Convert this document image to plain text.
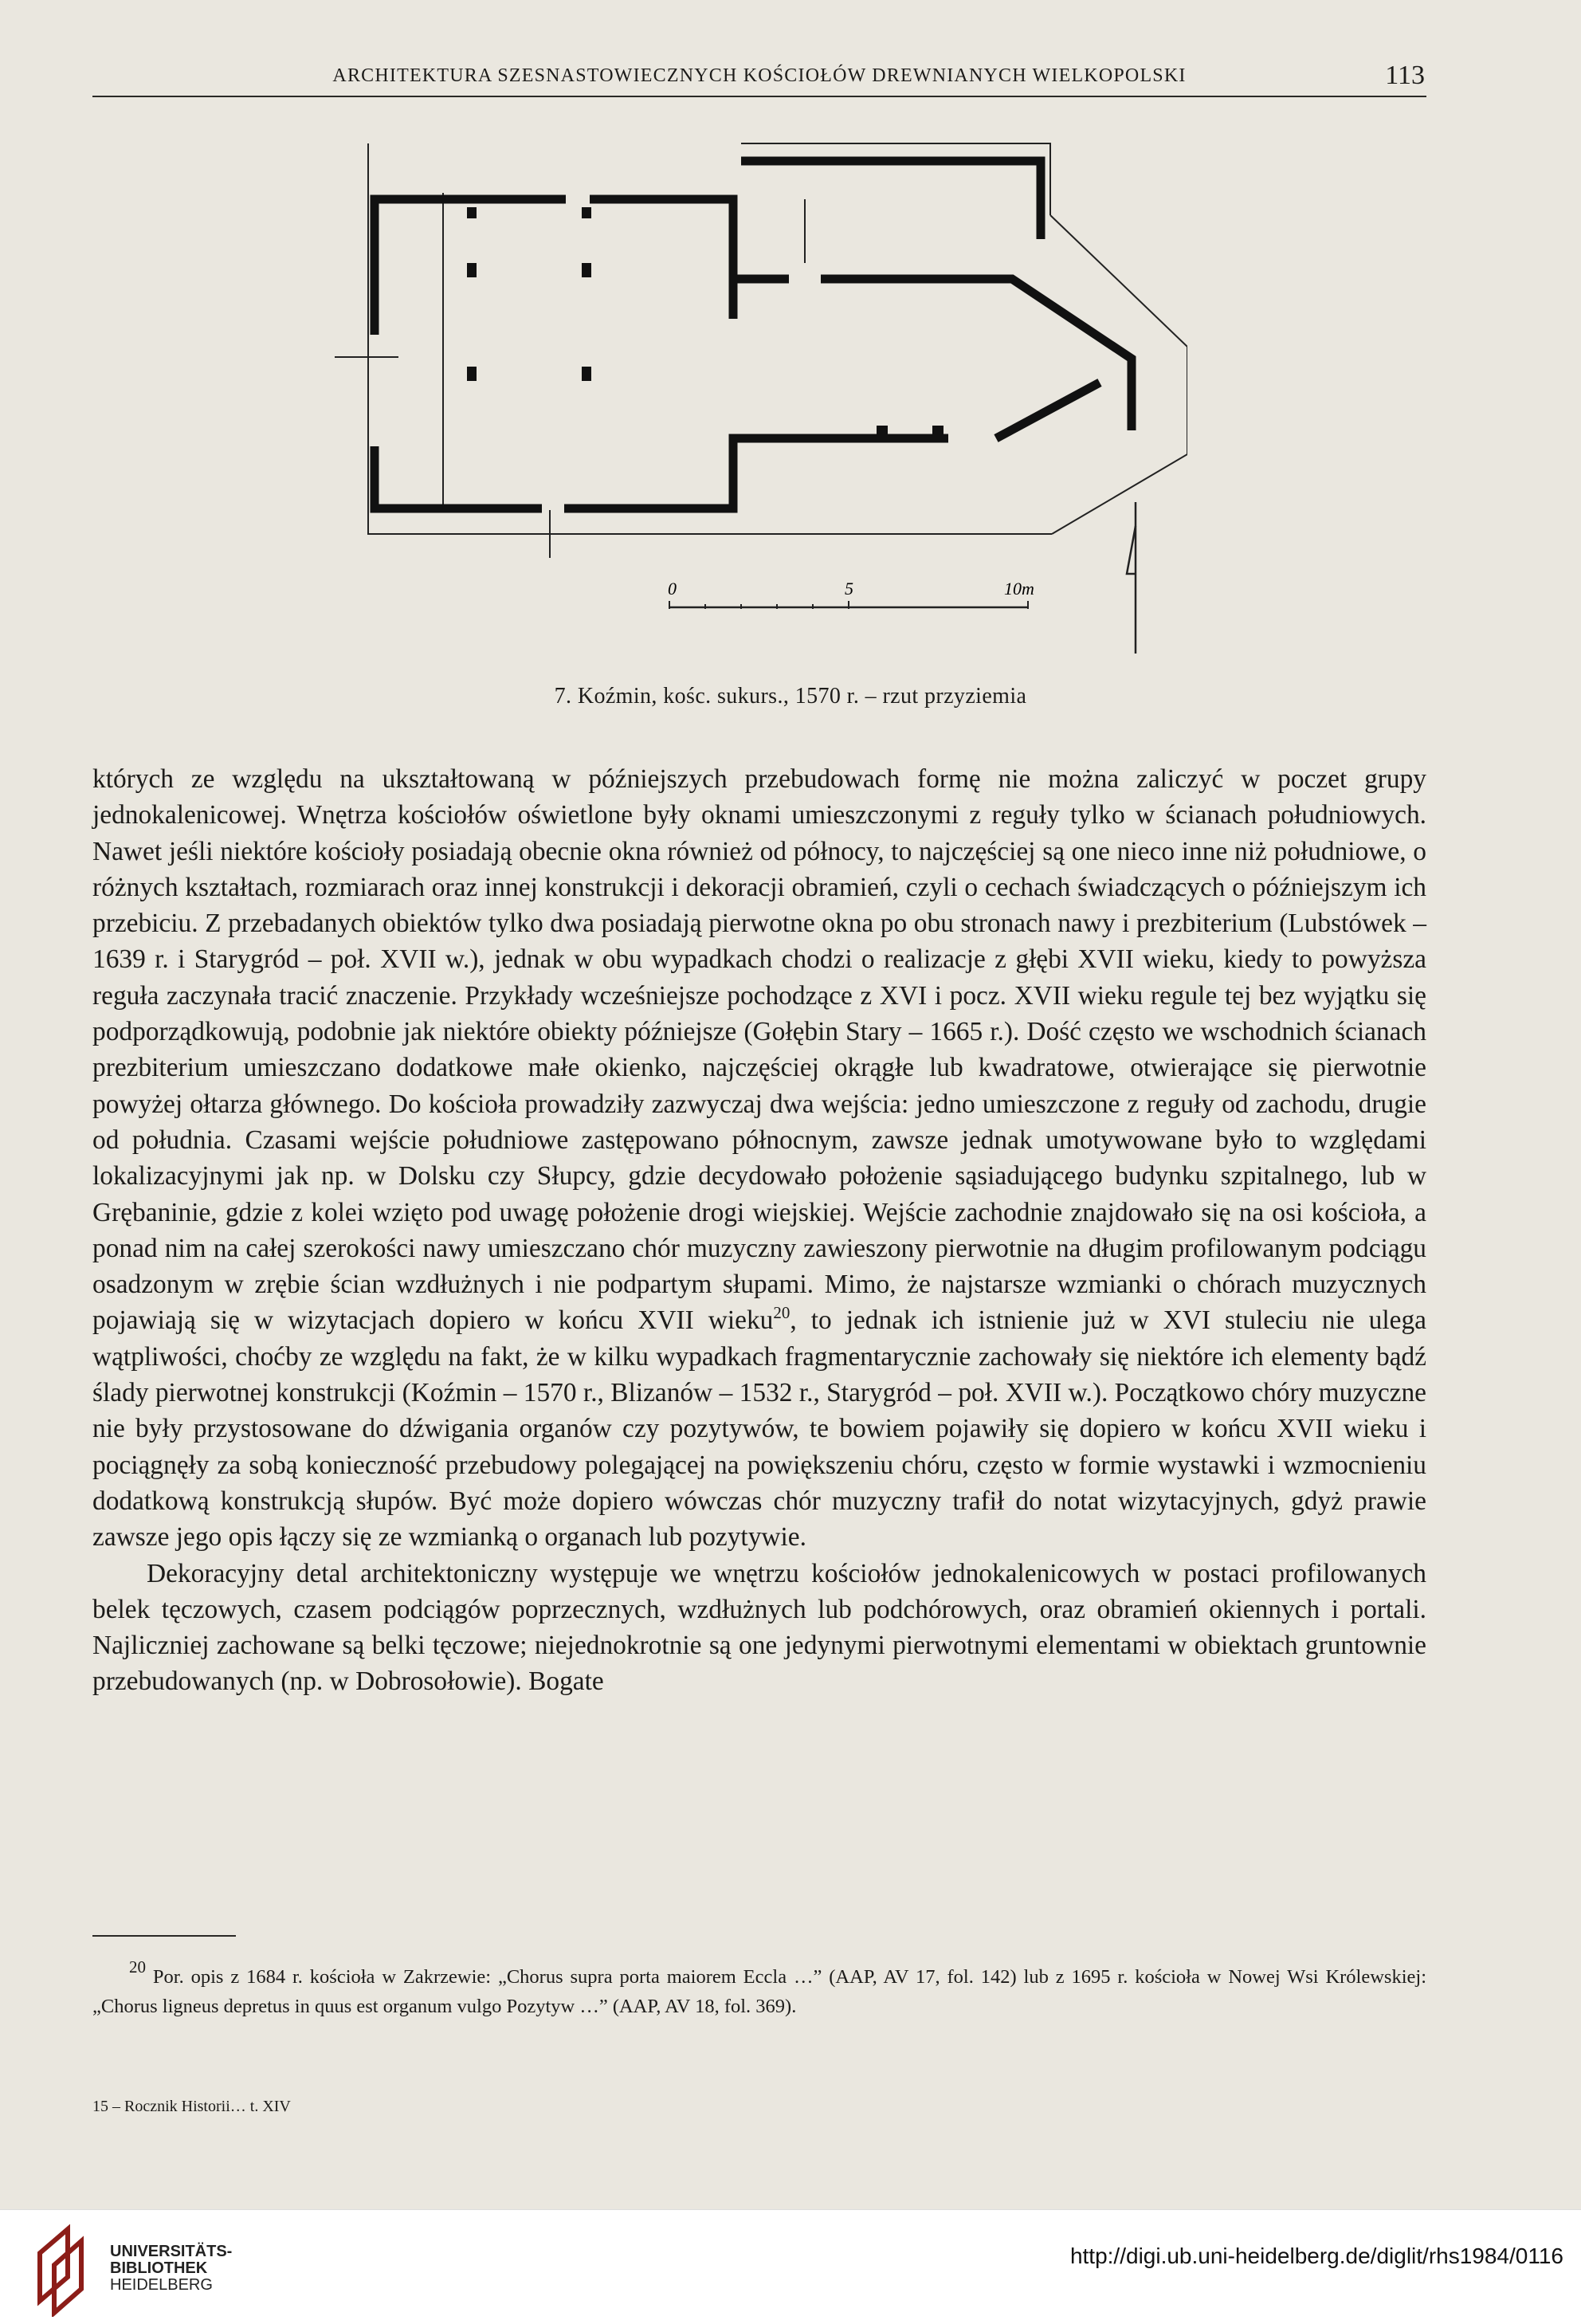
ARCHITEKTURA SZESNASTOWIECZNYCH KOŚCIOŁÓW DREWNIANYCH WIELKOPOLSKI	113
0	5	10m
7. Koźmin, kośc. sukurs., 1570 r. – rzut przyziemia

których ze względu na ukształtowaną w późniejszych przebudowach formę nie można zaliczyć w poczet grupy jednokalenicowej. Wnętrza kościołów oświetlone były oknami umieszczonymi z reguły tylko w ścianach południowych. Nawet jeśli niektóre kościoły posiadają obecnie okna również od północy, to najczęściej są one nieco inne niż południowe, o różnych kształtach, rozmiarach oraz innej konstrukcji i dekoracji obramień, czyli o cechach świadczących o późniejszym ich przebiciu. Z przebadanych obiektów tylko dwa posiadają pierwotne okna po obu stronach nawy i prezbiterium (Lubstówek – 1639 r. i Starygród – poł. XVII w.), jednak w obu wypadkach chodzi o realizacje z głębi XVII wieku, kiedy to powyższa reguła zaczynała tracić znaczenie. Przykłady wcześniejsze pochodzące z XVI i pocz. XVII wieku regule tej bez wyjątku się podporządkowują, podobnie jak niektóre obiekty późniejsze (Gołębin Stary – 1665 r.). Dość często we wschodnich ścianach prezbiterium umieszczano dodatkowe małe okienko, najczęściej okrągłe lub kwadratowe, otwierające się pierwotnie powyżej ołtarza głównego. Do kościoła prowadziły zazwyczaj dwa wejścia: jedno umieszczone z reguły od zachodu, drugie od południa. Czasami wejście południowe zastępowano północnym, zawsze jednak umotywowane było to względami lokalizacyjnymi jak np. w Dolsku czy Słupcy, gdzie decydowało położenie sąsiadującego budynku szpitalnego, lub w Grębaninie, gdzie z kolei wzięto pod uwagę położenie drogi wiejskiej. Wejście zachodnie znajdowało się na osi kościoła, a ponad nim na całej szerokości nawy umieszczano chór muzyczny zawieszony pierwotnie na długim profilowanym podciągu osadzonym w zrębie ścian wzdłużnych i nie podpartym słupami. Mimo, że najstarsze wzmianki o chórach muzycznych pojawiają się w wizytacjach dopiero w końcu XVII wieku$^{20}$, to jednak ich istnienie już w XVI stuleciu nie ulega wątpliwości, choćby ze względu na fakt, że w kilku wypadkach fragmentarycznie zachowały się niektóre ich elementy bądź ślady pierwotnej konstrukcji (Koźmin – 1570 r., Blizanów – 1532 r., Starygród – poł. XVII w.). Początkowo chóry muzyczne nie były przystosowane do dźwigania organów czy pozytywów, te bowiem pojawiły się dopiero w końcu XVII wieku i pociągnęły za sobą konieczność przebudowy polegającej na powiększeniu chóru, często w formie wystawki i wzmocnieniu dodatkową konstrukcją słupów. Być może dopiero wówczas chór muzyczny trafił do notat wizytacyjnych, gdyż prawie zawsze jego opis łączy się ze wzmianką o organach lub pozytywie.

Dekoracyjny detal architektoniczny występuje we wnętrzu kościołów jednokalenicowych w postaci profilowanych belek tęczowych, czasem podciągów poprzecznych, wzdłużnych lub podchórowych, oraz obramień okiennych i portali. Najliczniej zachowane są belki tęczowe; niejednokrotnie są one jedynymi pierwotnymi elementami w obiektach gruntownie przebudowanych (np. w Dobrosołowie). Bogate

$^{20}$ Por. opis z 1684 r. kościoła w Zakrzewie: „Chorus supra porta maiorem Eccla …” (AAP, AV 17, fol. 142) lub z 1695 r. kościoła w Nowej Wsi Królewskiej: „Chorus ligneus depretus in quus est organum vulgo Pozytyw …” (AAP, AV 18, fol. 369).

15 – Rocznik Historii… t. XIV
UNIVERSITÄTS-
BIBLIOTHEK
HEIDELBERG
http://digi.ub.uni-heidelberg.de/diglit/rhs1984/0116
